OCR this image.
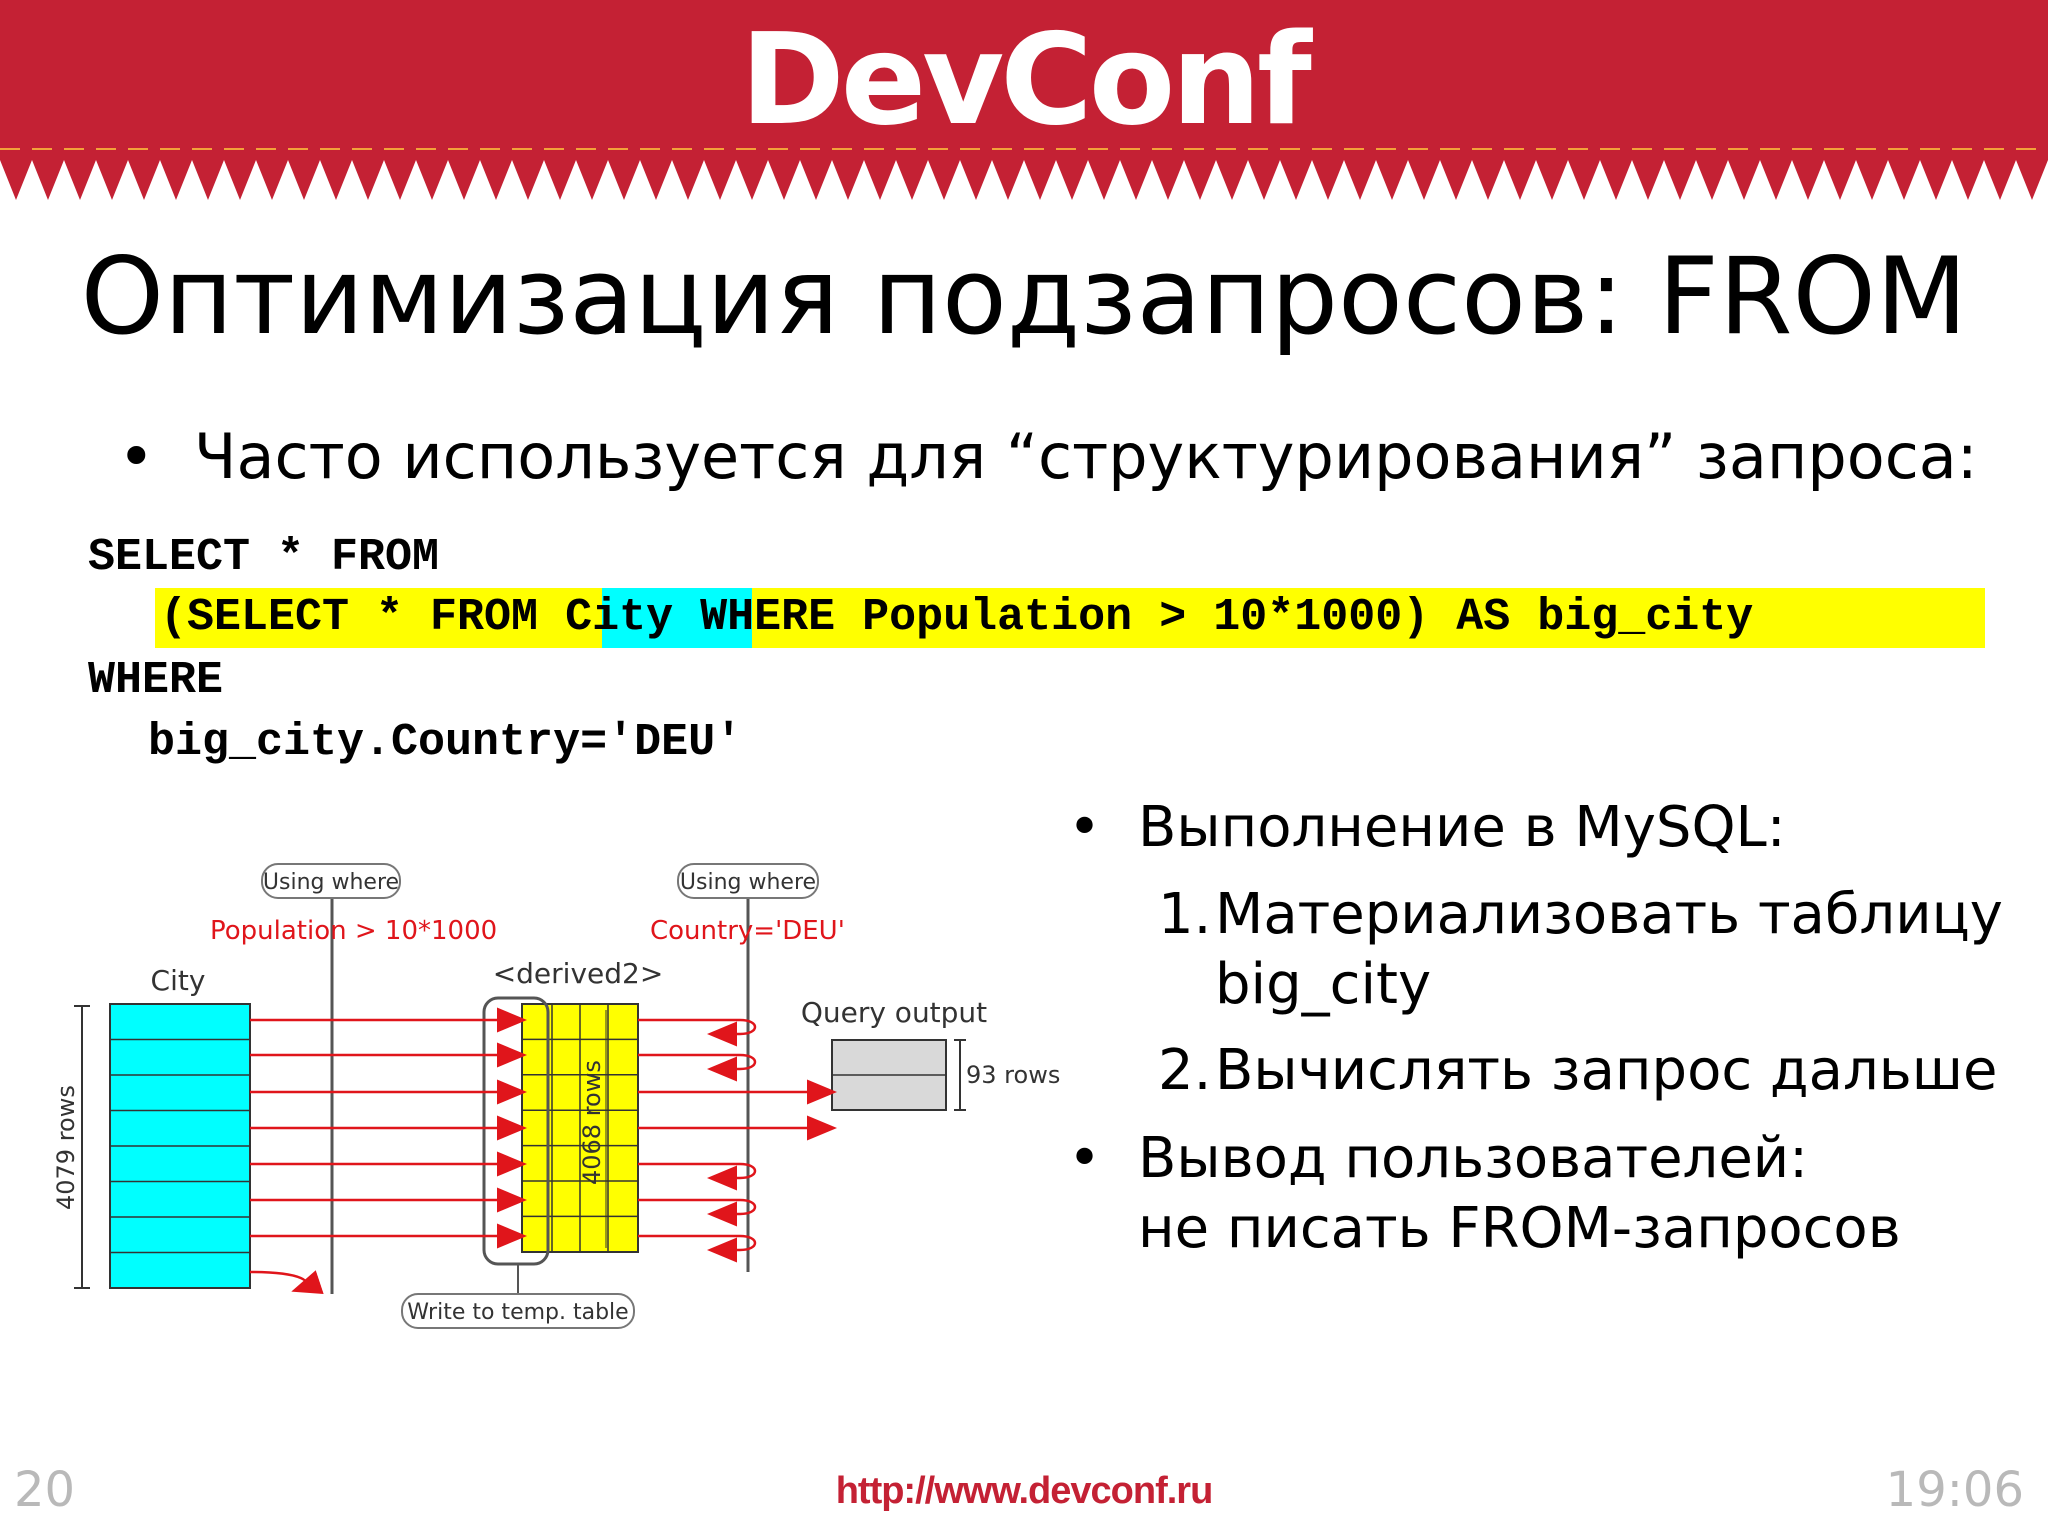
DevConf
Оптимизация подзапросов: FROM
• Часто используется для “структурирования” запроса:
SELECT * FROM
(SELECT * FROM City WHERE Population > 10*1000) AS big_city
WHERE
big_city.Country='DEU'
• Выполнение в MySQL:
1. Материализовать таблицу
big_city
2. Вычислять запрос дальше
• Вывод пользователей:
не писать FROM-запросов
City
4079 rows
<derived2>
4068 rows
Write to temp. table
Using where
Population > 10*1000
Using where
Country='DEU'
Query output
93 rows
20	http://www.devconf.ru	19:06
